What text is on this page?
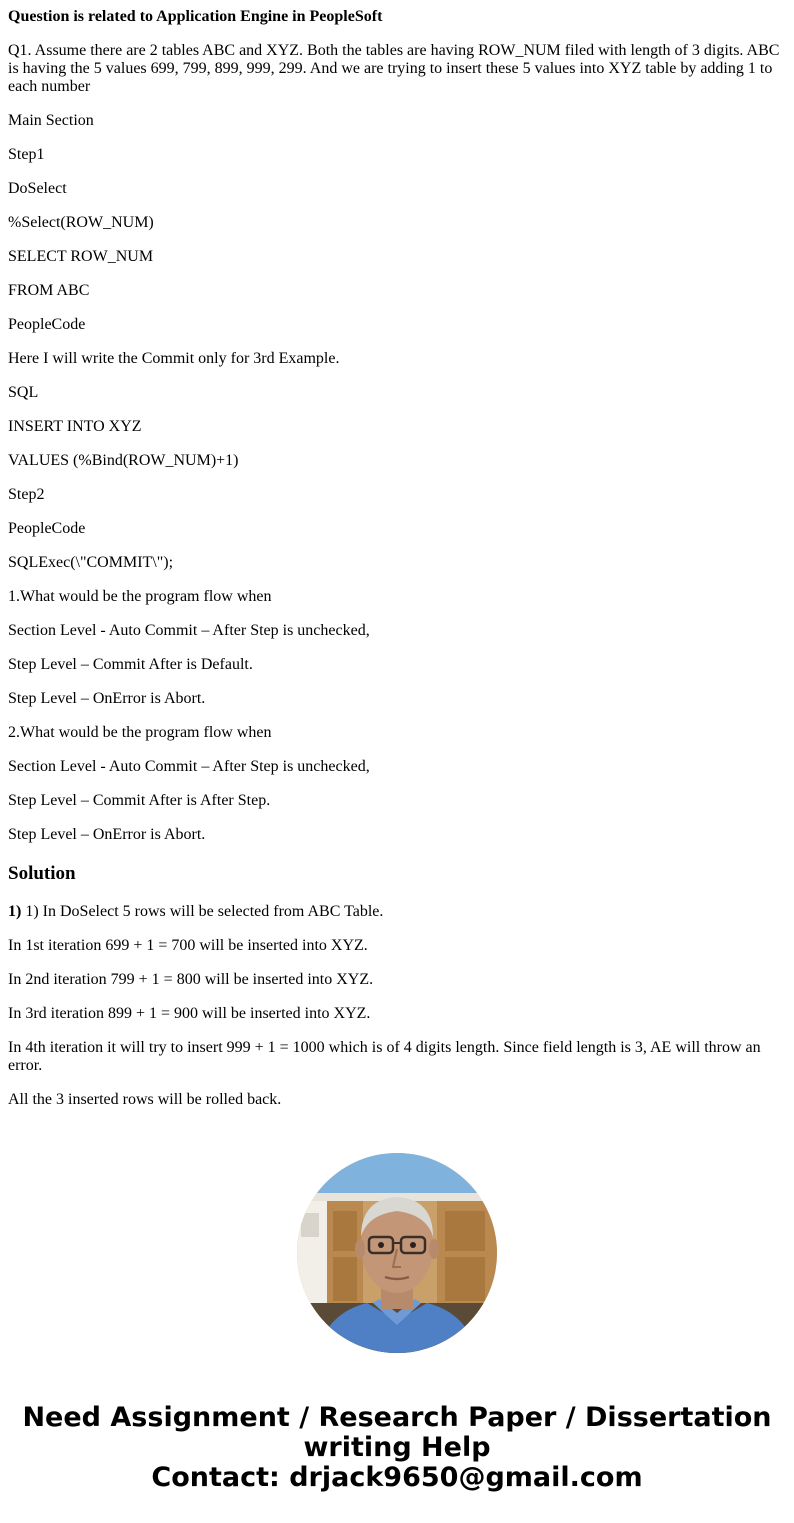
Question is related to Application Engine in PeopleSoft

Q1. Assume there are 2 tables ABC and XYZ. Both the tables are having ROW_NUM filed with length of 3 digits. ABC is having the 5 values 699, 799, 899, 999, 299. And we are trying to insert these 5 values into XYZ table by adding 1 to each number

Main Section

Step1

DoSelect

%Select(ROW_NUM)

SELECT ROW_NUM

FROM ABC

PeopleCode

Here I will write the Commit only for 3rd Example.

SQL

INSERT INTO XYZ

VALUES (%Bind(ROW_NUM)+1)

Step2

PeopleCode

SQLExec(\"COMMIT\");

1.What would be the program flow when

Section Level - Auto Commit – After Step is unchecked,

Step Level – Commit After is Default.

Step Level – OnError is Abort.

2.What would be the program flow when

Section Level - Auto Commit – After Step is unchecked,

Step Level – Commit After is After Step.

Step Level – OnError is Abort.

Solution

1) 1) In DoSelect 5 rows will be selected from ABC Table.

In 1st iteration 699 + 1 = 700 will be inserted into XYZ.

In 2nd iteration 799 + 1 = 800 will be inserted into XYZ.

In 3rd iteration 899 + 1 = 900 will be inserted into XYZ.

In 4th iteration it will try to insert 999 + 1 = 1000 which is of 4 digits length. Since field length is 3, AE will throw an error.

All the 3 inserted rows will be rolled back.

Need Assignment / Research Paper / Dissertation
writing Help
Contact: drjack9650@gmail.com
